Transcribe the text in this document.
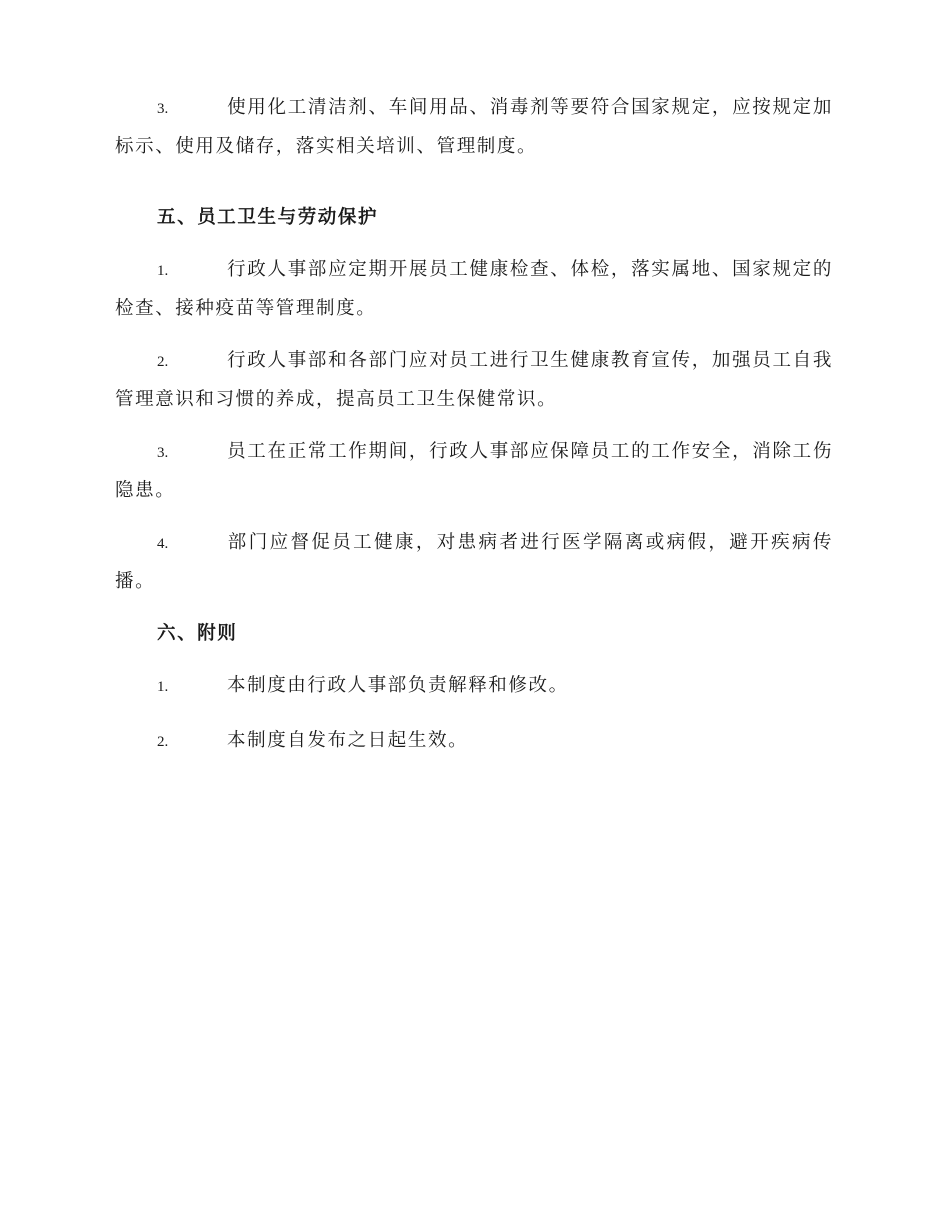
3.	使用化工清洁剂、车间用品、消毒剂等要符合国家规定，应按规定加标示、使用及储存，落实相关培训、管理制度。

五、员工卫生与劳动保护

1.	行政人事部应定期开展员工健康检查、体检，落实属地、国家规定的检查、接种疫苗等管理制度。

2.	行政人事部和各部门应对员工进行卫生健康教育宣传，加强员工自我管理意识和习惯的养成，提高员工卫生保健常识。

3.	员工在正常工作期间，行政人事部应保障员工的工作安全，消除工伤隐患。

4.	部门应督促员工健康，对患病者进行医学隔离或病假，避开疾病传播。

六、附则

1.	本制度由行政人事部负责解释和修改。

2.	本制度自发布之日起生效。
